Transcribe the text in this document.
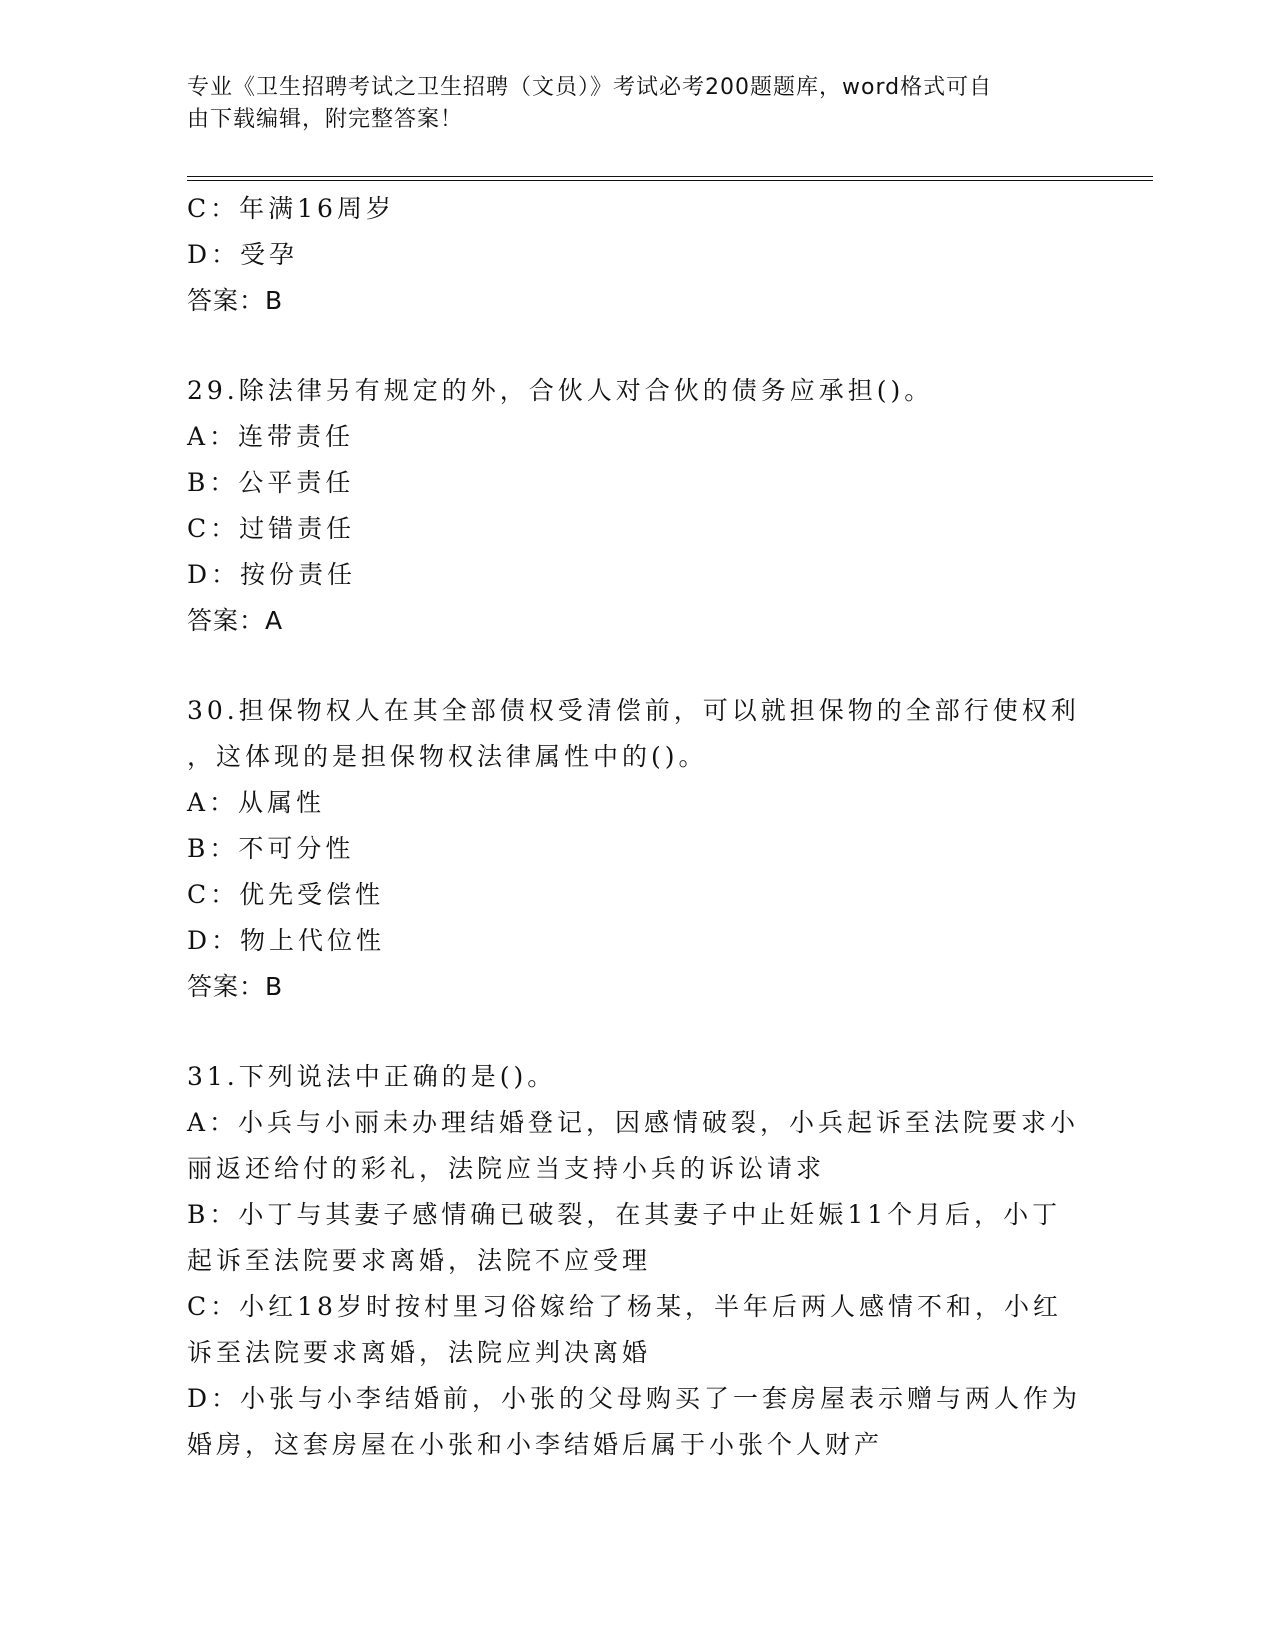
专业《卫生招聘考试之卫生招聘（文员）》考试必考200题题库，word格式可自
由下载编辑，附完整答案！
C：年满16周岁
D：受孕
答案：B
29.除法律另有规定的外，合伙人对合伙的债务应承担()。
A：连带责任
B：公平责任
C：过错责任
D：按份责任
答案：A
30.担保物权人在其全部债权受清偿前，可以就担保物的全部行使权利
，这体现的是担保物权法律属性中的()。
A：从属性
B：不可分性
C：优先受偿性
D：物上代位性
答案：B
31.下列说法中正确的是()。
A：小兵与小丽未办理结婚登记，因感情破裂，小兵起诉至法院要求小
丽返还给付的彩礼，法院应当支持小兵的诉讼请求
B：小丁与其妻子感情确已破裂，在其妻子中止妊娠11个月后，小丁
起诉至法院要求离婚，法院不应受理
C：小红18岁时按村里习俗嫁给了杨某，半年后两人感情不和，小红
诉至法院要求离婚，法院应判决离婚
D：小张与小李结婚前，小张的父母购买了一套房屋表示赠与两人作为
婚房，这套房屋在小张和小李结婚后属于小张个人财产
